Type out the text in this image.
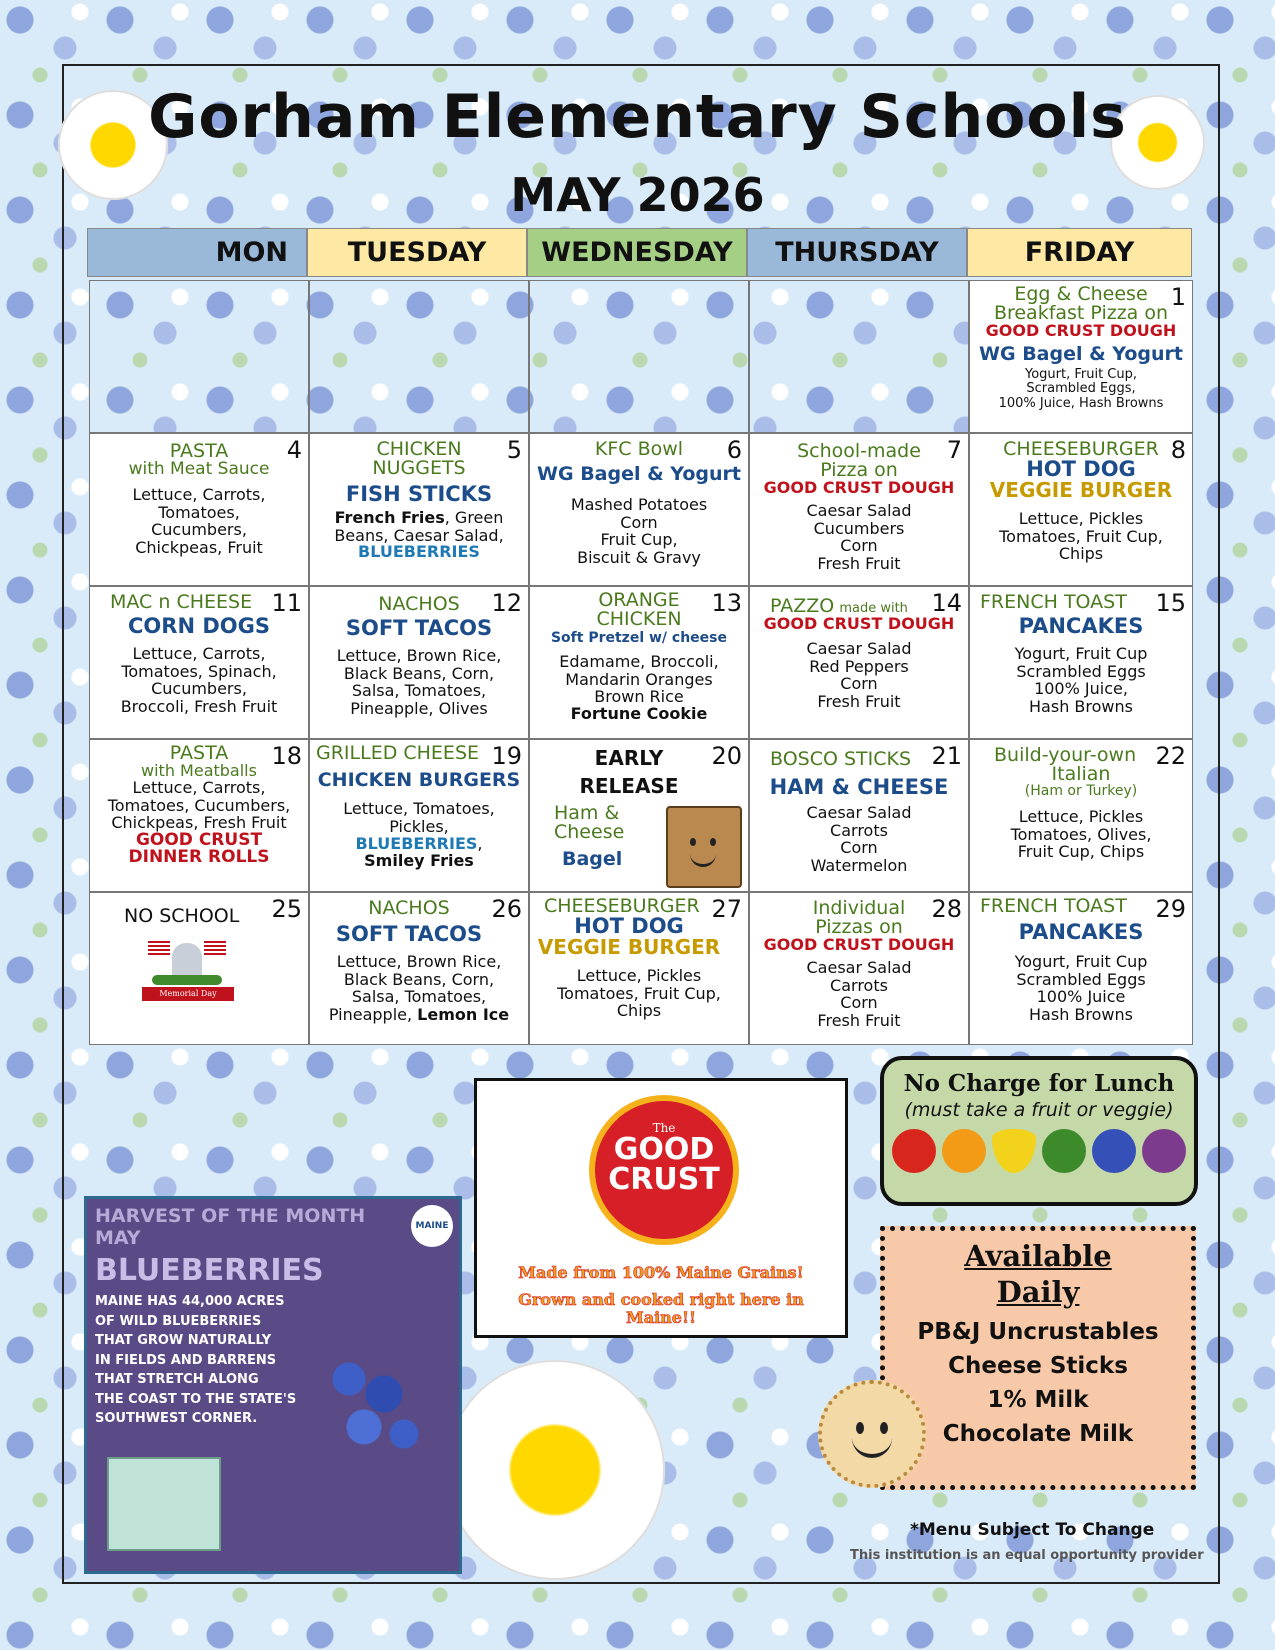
Gorham Elementary Schools
MAY 2026
MON TUESDAY WEDNESDAY THURSDAY	FRIDAY
1
Egg & Cheese
Breakfast Pizza on
GOOD CRUST DOUGH
WG Bagel & Yogurt
Yogurt, Fruit Cup,
Scrambled Eggs,
100% Juice, Hash Browns
4
PASTA
with Meat Sauce
Lettuce, Carrots,
Tomatoes,
Cucumbers,
Chickpeas, Fruit
5
CHICKEN
NUGGETS
FISH STICKS
French Fries, Green
Beans, Caesar Salad,
BLUEBERRIES
6
KFC Bowl
WG Bagel & Yogurt
Mashed Potatoes
Corn
Fruit Cup,
Biscuit & Gravy
7
School-made
Pizza on
GOOD CRUST DOUGH
Caesar Salad
Cucumbers
Corn
Fresh Fruit
8
CHEESEBURGER
HOT DOG
VEGGIE BURGER
Lettuce, Pickles
Tomatoes, Fruit Cup,
Chips
11
MAC n CHEESE
CORN DOGS
Lettuce, Carrots,
Tomatoes, Spinach,
Cucumbers,
Broccoli, Fresh Fruit
12
NACHOS
SOFT TACOS
Lettuce, Brown Rice,
Black Beans, Corn,
Salsa, Tomatoes,
Pineapple, Olives
13
ORANGE
CHICKEN
Soft Pretzel w/ cheese
Edamame, Broccoli,
Mandarin Oranges
Brown Rice
Fortune Cookie
14
PAZZO made with
GOOD CRUST DOUGH
Caesar Salad
Red Peppers
Corn
Fresh Fruit
15
FRENCH TOAST
PANCAKES
Yogurt, Fruit Cup
Scrambled Eggs
100% Juice,
Hash Browns
18
PASTA
with Meatballs
Lettuce, Carrots,
Tomatoes, Cucumbers,
Chickpeas, Fresh Fruit
GOOD CRUST
DINNER ROLLS
19
GRILLED CHEESE
CHICKEN BURGERS
Lettuce, Tomatoes,
Pickles,
BLUEBERRIES,
Smiley Fries
20
EARLY
RELEASE
Ham &
Cheese
Bagel
21
BOSCO STICKS
HAM & CHEESE
Caesar Salad
Carrots
Corn
Watermelon
22
Build-your-own
Italian
(Ham or Turkey)
Lettuce, Pickles
Tomatoes, Olives,
Fruit Cup, Chips
25
NO SCHOOL
Memorial Day
26
NACHOS
SOFT TACOS
Lettuce, Brown Rice,
Black Beans, Corn,
Salsa, Tomatoes,
Pineapple, Lemon Ice
27
CHEESEBURGER
HOT DOG
VEGGIE BURGER
Lettuce, Pickles
Tomatoes, Fruit Cup,
Chips
28
Individual
Pizzas on
GOOD CRUST DOUGH
Caesar Salad
Carrots
Corn
Fresh Fruit
29
FRENCH TOAST
PANCAKES
Yogurt, Fruit Cup
Scrambled Eggs
100% Juice
Hash Browns
HARVEST OF THE MONTH
MAY
BLUEBERRIES
MAINE HAS 44,000 ACRES
OF WILD BLUEBERRIES
THAT GROW NATURALLY
IN FIELDS AND BARRENS
THAT STRETCH ALONG
THE COAST TO THE STATE'S
SOUTHWEST CORNER.
MAINE
The
GOOD
CRUST
Made from 100% Maine Grains!
Grown and cooked right here in
Maine!!
No Charge for Lunch
(must take a fruit or veggie)
Available
Daily
PB&J Uncrustables
Cheese Sticks
1% Milk
Chocolate Milk
*Menu Subject To Change
This institution is an equal opportunity provider
